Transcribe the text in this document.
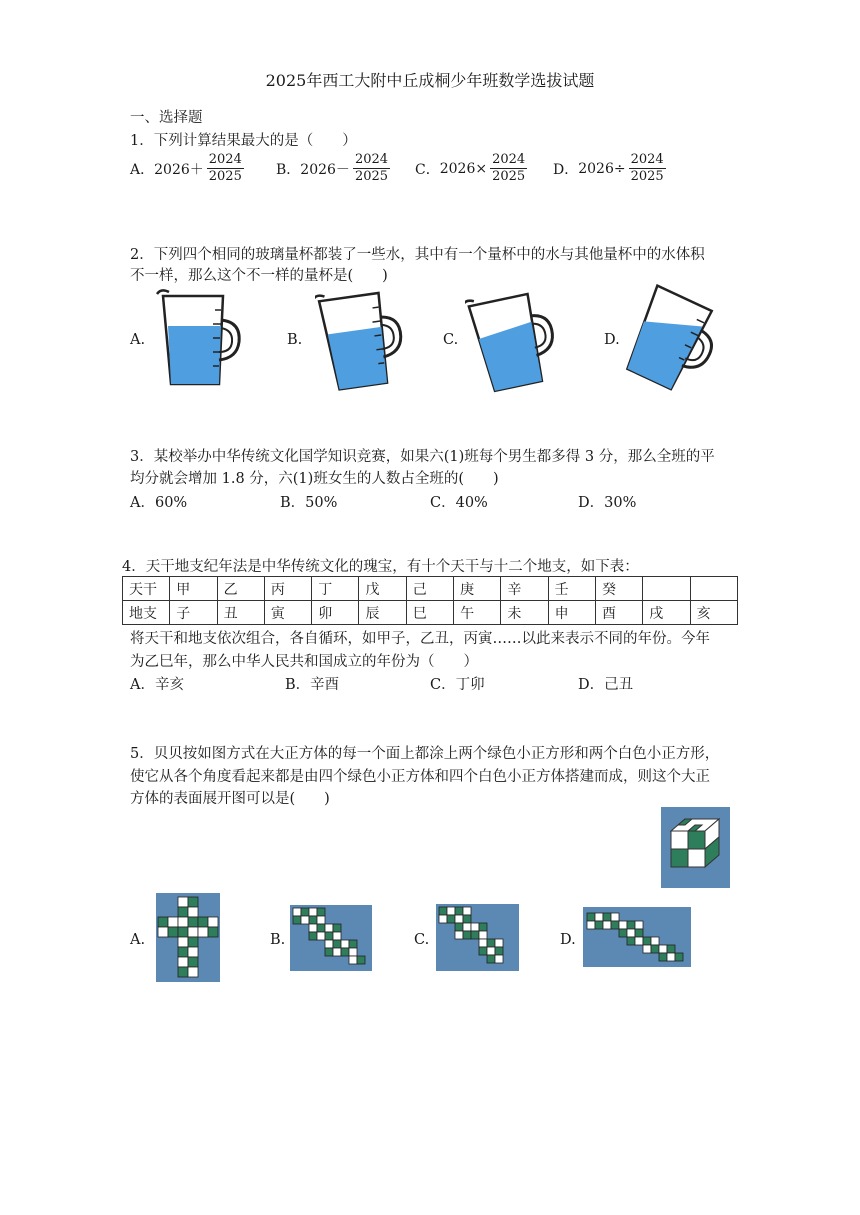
2025年西工大附中丘成桐少年班数学选拔试题
一、选择题
1．下列计算结果最大的是（　　）
A． $2026+ \frac{2024}{2025}$ B． $2026- \frac{2024}{2025}$ C． $2026\times \frac{2024}{2025}$ D． $2026\div \frac{2024}{2025}$
2．下列四个相同的玻璃量杯都装了一些水，其中有一个量杯中的水与其他量杯中的水体积
不一样，那么这个不一样的量杯是(　　)
A.	B.	C.	D.
3．某校举办中华传统文化国学知识竞赛，如果六(1)班每个男生都多得 3 分，那么全班的平
均分就会增加 1.8 分，六(1)班女生的人数占全班的(　　)
A．60%	B．50%	C．40%	D．30%
4．天干地支纪年法是中华传统文化的瑰宝，有十个天干与十二个地支，如下表：
天干	甲	乙	丙	丁	戊	己	庚	辛	壬	癸		
地支	子	丑	寅	卯	辰	巳	午	未	申	酉	戌	亥
将天干和地支依次组合，各自循环，如甲子，乙丑，丙寅……以此来表示不同的年份。今年
为乙巳年，那么中华人民共和国成立的年份为（　　）
A．辛亥	B．辛酉	C．丁卯	D．己丑
5．贝贝按如图方式在大正方体的每一个面上都涂上两个绿色小正方形和两个白色小正方形，
使它从各个角度看起来都是由四个绿色小正方体和四个白色小正方体搭建而成，则这个大正
方体的表面展开图可以是(　　)
A.	B.	C.	D.
